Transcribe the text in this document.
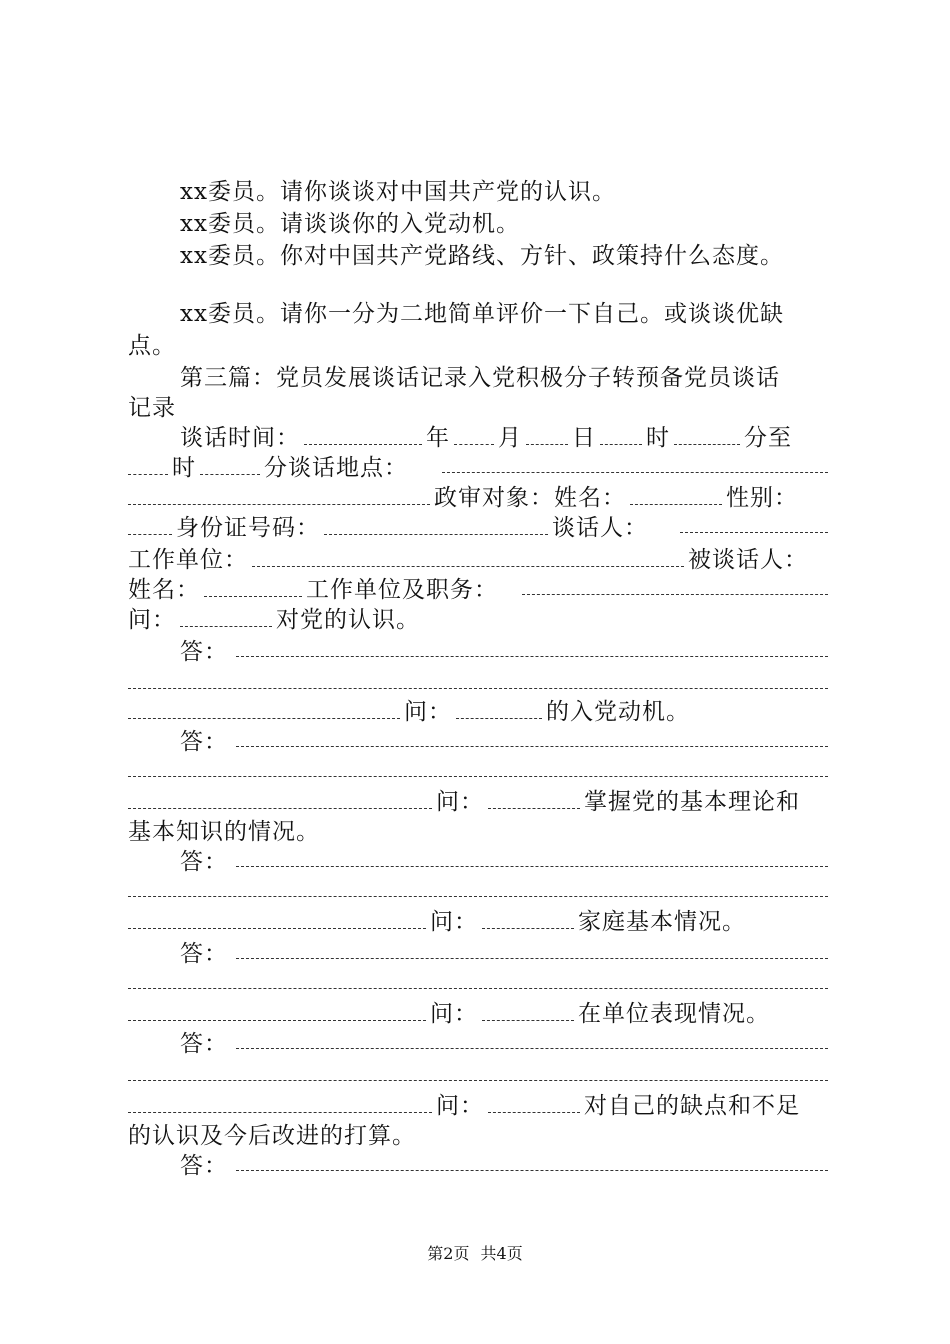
xx委员。请你谈谈对中国共产党的认识。
xx委员。请谈谈你的入党动机。
xx委员。你对中国共产党路线、方针、政策持什么态度。
xx委员。请你一分为二地简单评价一下自己。或谈谈优缺
点。
第三篇：党员发展谈话记录入党积极分子转预备党员谈话
记录
谈话时间：	年 月 日 时	分至
时	分谈话地点：
政审对象：姓名：	性别：
身份证号码：	谈话人：
工作单位：	被谈话人：
姓名：	工作单位及职务：
问：	对党的认识。
答：
问：	的入党动机。
答：
问：	掌握党的基本理论和
基本知识的情况。
答：
问：	家庭基本情况。
答：
问：	在单位表现情况。
答：
问：	对自己的缺点和不足
的认识及今后改进的打算。
答：
第2页 共4页
